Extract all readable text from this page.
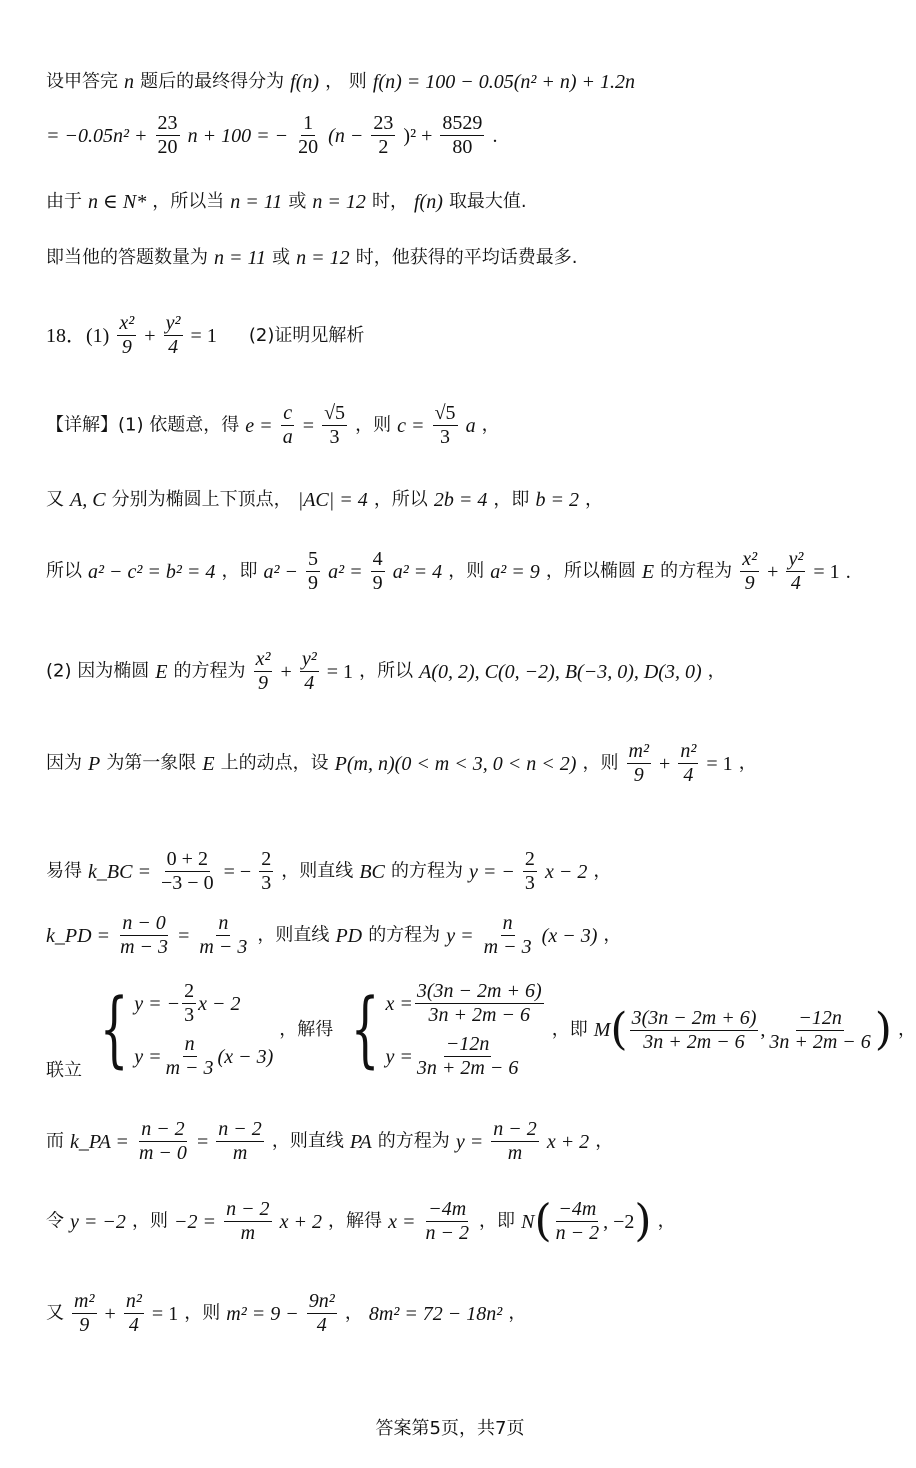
设甲答完 n 题后的最终得分为 f(n) ， 则 f(n) = 100 − 0.05(n² + n) + 1.2n
= $-0.05n^2 + \frac{23}{20}$ n + 100 = − $\frac{1}{20} (n - \frac{23}{2} )^2 + \frac{8529}{80}$ .
由于 n ∈ N* ，所以当 n = 11 或 n = 12 时， f(n) 取最大值.
即当他的答题数量为 n = 11 或 n = 12 时，他获得的平均话费最多.
18．$(1) \frac{\text{x²}}{9} + \frac{\text{y²}}{4} = 1$ (2)证明见解析
【详解】(1) 依题意，得 $e = \frac{c}{a} = \frac{√5}{3}$ ，则 $c = \frac{√5}{3}$ a ，
又 A, C 分别为椭圆上下顶点， |AC| = 4 ，所以 2b = 4 ，即 b = 2 ，
所以 a² − c² = b² = 4 ，即 $a^2 - \frac{5}{9} a^2 = \frac{4}{9} a^2 = 4$ ，则 a² = 9 ，所以椭圆 E 的方程为 $\frac{\text{x²}}{9} + \frac{\text{y²}}{4} = 1$ .
(2) 因为椭圆 E 的方程为 $\frac{\text{x²}}{9} + \frac{\text{y²}}{4} = 1$ ，所以 A(0, 2), C(0, −2), B(−3, 0), D(3, 0) ，
因为 P 为第一象限 E 上的动点，设 P(m, n)(0 < m < 3, 0 < n < 2) ，则 $\frac{\text{m²}}{9} + \frac{\text{n²}}{4} = 1$ ，
易得 k_BC = $\frac{0 + 2}{-3 - 0}$ = − $\frac{2}{3}$ ，则直线 BC 的方程为 y = − $\frac{2}{3}$ x − 2 ，
k_PD = $\frac{n - 0}{m - 3} = \frac{n}{m - 3}$ ，则直线 PD 的方程为 $y = \frac{n}{m - 3} (x - 3)$ ，
联立 { y = − $\frac{2}{3}$ x − 2
$y = \frac{n}{m - 3} (x - 3)$
，解得 { $x = \frac{3(3n - 2m + 6)}{3n + 2m - 6}$
$y = \frac{-12n}{3n + 2m - 6}$
，即 $M( \frac{3(3n - 2m + 6)}{3n + 2m - 6}$ , $\frac{-12n}{3n + 2m - 6}$ ) ，
而 k_PA = $\frac{n - 2}{m - 0} = \frac{n - 2}{m}$ ，则直线 PA 的方程为 $y = \frac{n - 2}{m}$ x + 2 ，
令 y = −2 ，则 $-2 = \frac{n - 2}{m}$ x + 2 ，解得 $x = \frac{-4m}{n - 2}$ ，即 $N( \frac{-4m}{n - 2}$ , −2) ，
又 $\frac{\text{m²}}{9} + \frac{\text{n²}}{4} = 1$ ，则 $m^2 = 9 - \frac{\text{9n²}}{4}$ ， 8m² = 72 − 18n² ，
答案第5页，共7页
